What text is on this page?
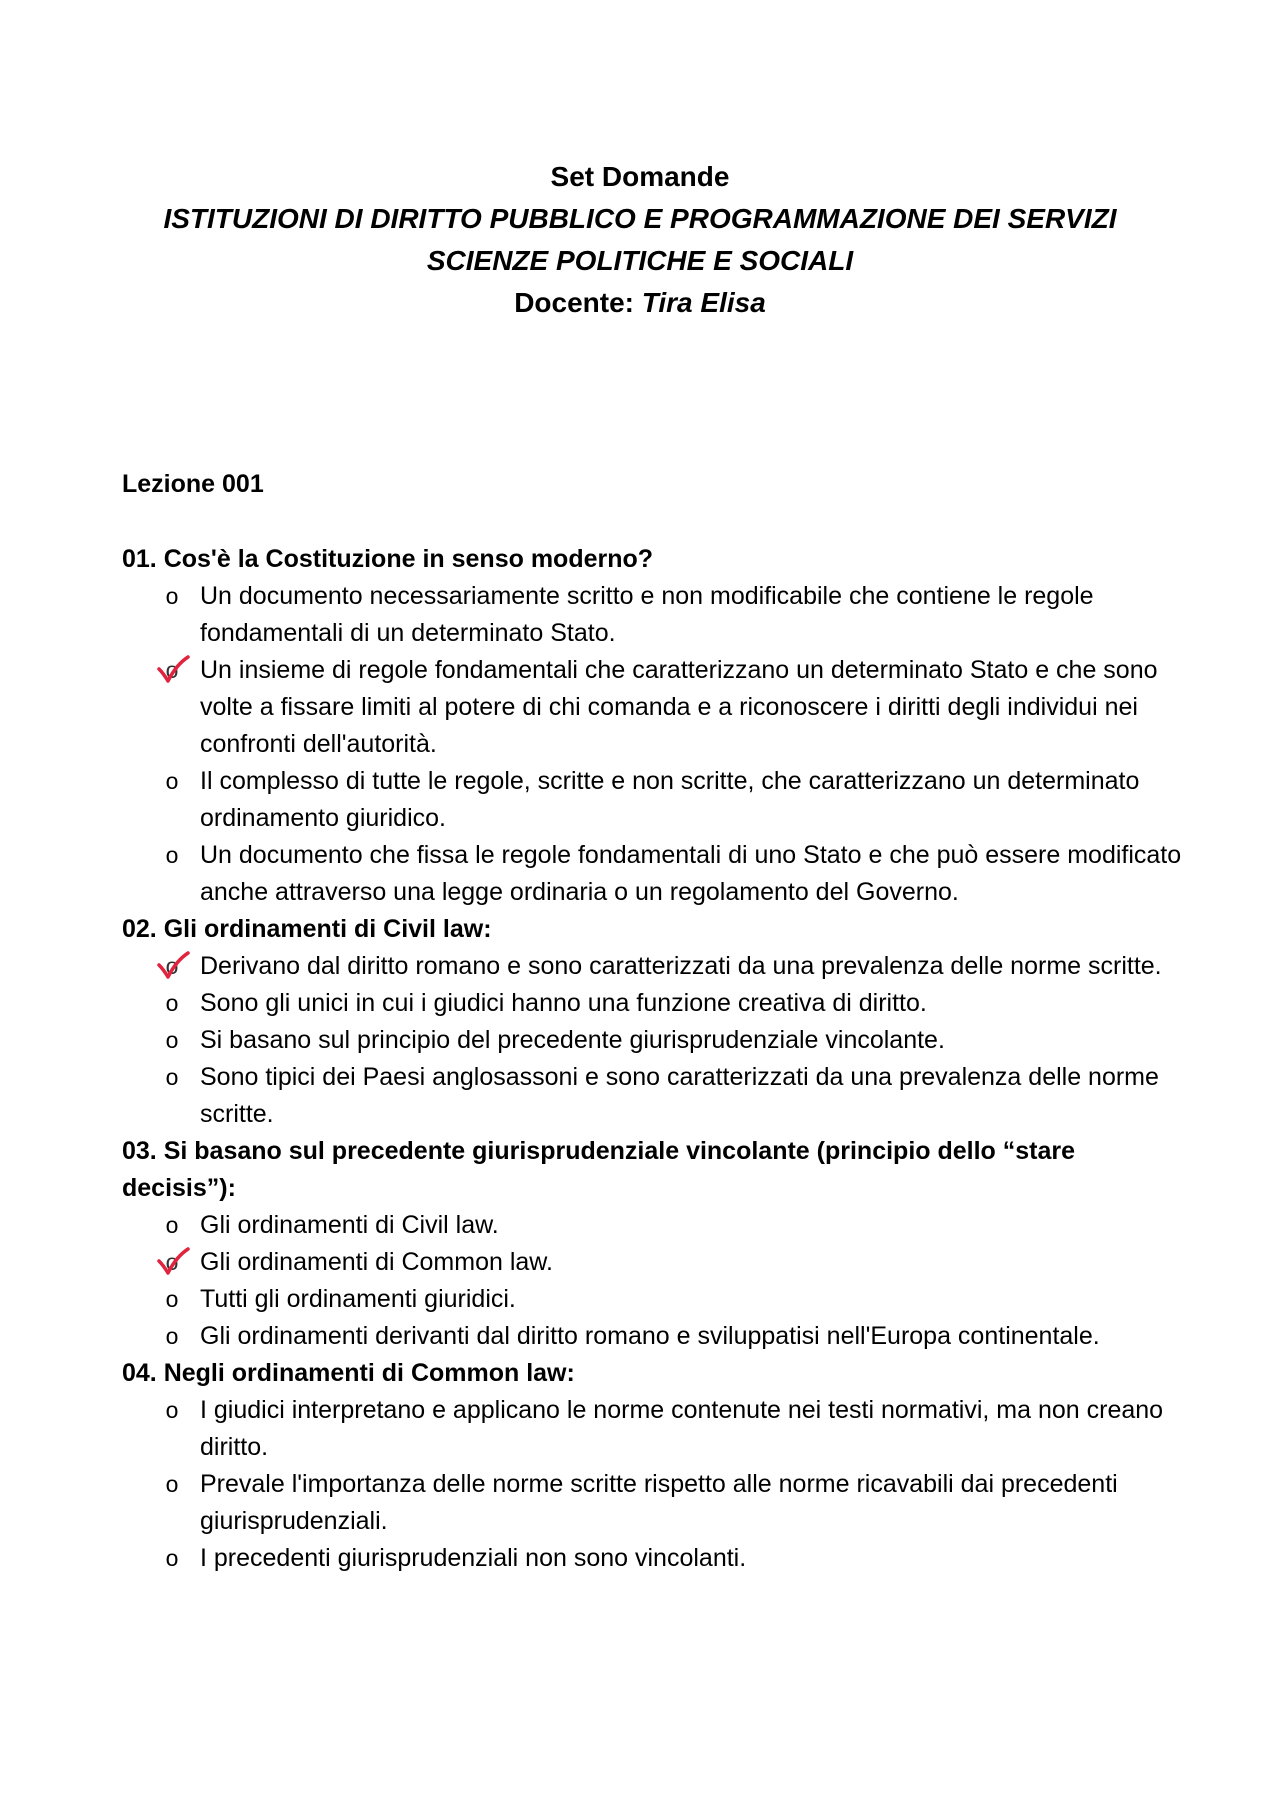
Set Domande
ISTITUZIONI DI DIRITTO PUBBLICO E PROGRAMMAZIONE DEI SERVIZI
SCIENZE POLITICHE E SOCIALI
Docente: Tira Elisa
Lezione 001
01. Cos'è la Costituzione in senso moderno?
o Un documento necessariamente scritto e non modificabile che contiene le regole fondamentali di un determinato Stato.
o Un insieme di regole fondamentali che caratterizzano un determinato Stato e che sono volte a fissare limiti al potere di chi comanda e a riconoscere i diritti degli individui nei confronti dell'autorità.
o Il complesso di tutte le regole, scritte e non scritte, che caratterizzano un determinato ordinamento giuridico.
o Un documento che fissa le regole fondamentali di uno Stato e che può essere modificato anche attraverso una legge ordinaria o un regolamento del Governo.
02. Gli ordinamenti di Civil law:
o Derivano dal diritto romano e sono caratterizzati da una prevalenza delle norme scritte.
o Sono gli unici in cui i giudici hanno una funzione creativa di diritto.
o Si basano sul principio del precedente giurisprudenziale vincolante.
o Sono tipici dei Paesi anglosassoni e sono caratterizzati da una prevalenza delle norme scritte.
03. Si basano sul precedente giurisprudenziale vincolante (principio dello “stare decisis”):
o Gli ordinamenti di Civil law.
o Gli ordinamenti di Common law.
o Tutti gli ordinamenti giuridici.
o Gli ordinamenti derivanti dal diritto romano e sviluppatisi nell'Europa continentale.
04. Negli ordinamenti di Common law:
o I giudici interpretano e applicano le norme contenute nei testi normativi, ma non creano diritto.
o Prevale l'importanza delle norme scritte rispetto alle norme ricavabili dai precedenti giurisprudenziali.
o I precedenti giurisprudenziali non sono vincolanti.
